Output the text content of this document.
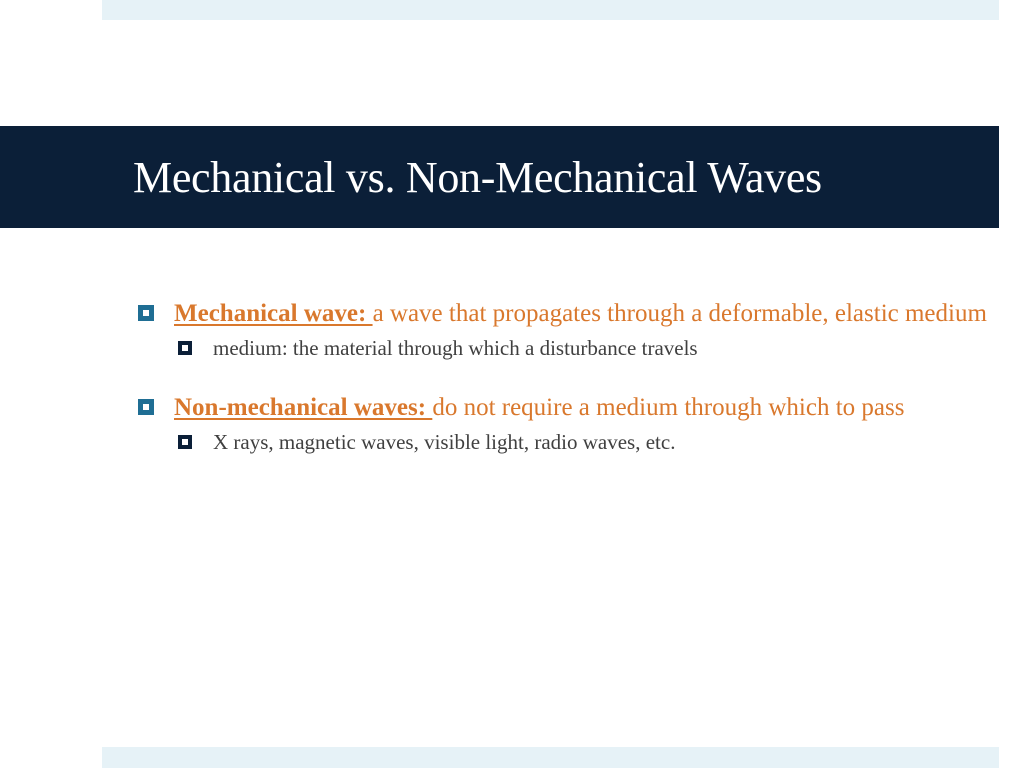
Mechanical vs. Non-Mechanical Waves

Mechanical wave: a wave that propagates through a deformable, elastic medium

medium: the material through which a disturbance travels

Non-mechanical waves: do not require a medium through which to pass

X rays, magnetic waves, visible light, radio waves, etc.
